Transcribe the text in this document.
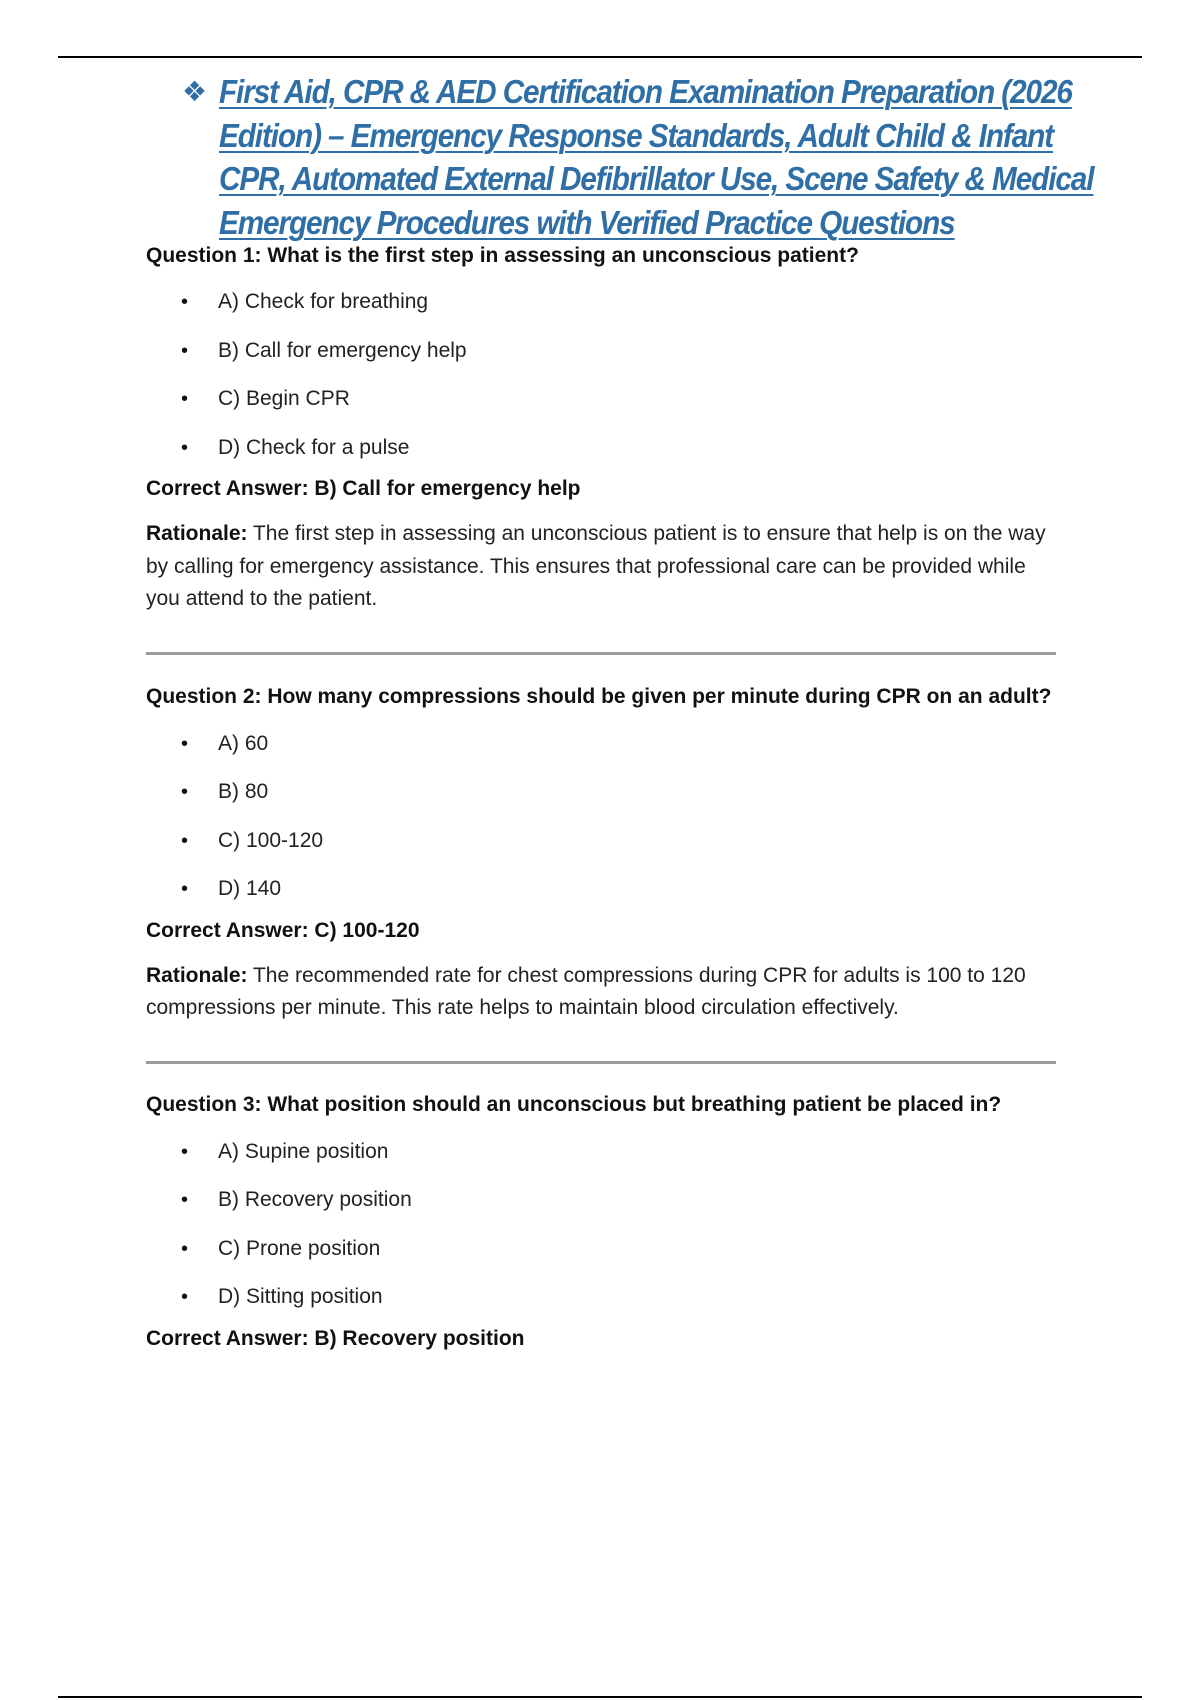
❖ First Aid, CPR & AED Certification Examination Preparation (2026
Edition) – Emergency Response Standards, Adult Child & Infant
CPR, Automated External Defibrillator Use, Scene Safety & Medical
Emergency Procedures with Verified Practice Questions

Question 1: What is the first step in assessing an unconscious patient?

• A) Check for breathing
• B) Call for emergency help
• C) Begin CPR
• D) Check for a pulse

Correct Answer: B) Call for emergency help

Rationale: The first step in assessing an unconscious patient is to ensure that help is on the way by calling for emergency assistance. This ensures that professional care can be provided while you attend to the patient.

Question 2: How many compressions should be given per minute during CPR on an adult?

• A) 60
• B) 80
• C) 100-120
• D) 140

Correct Answer: C) 100-120

Rationale: The recommended rate for chest compressions during CPR for adults is 100 to 120 compressions per minute. This rate helps to maintain blood circulation effectively.

Question 3: What position should an unconscious but breathing patient be placed in?

• A) Supine position
• B) Recovery position
• C) Prone position
• D) Sitting position

Correct Answer: B) Recovery position
